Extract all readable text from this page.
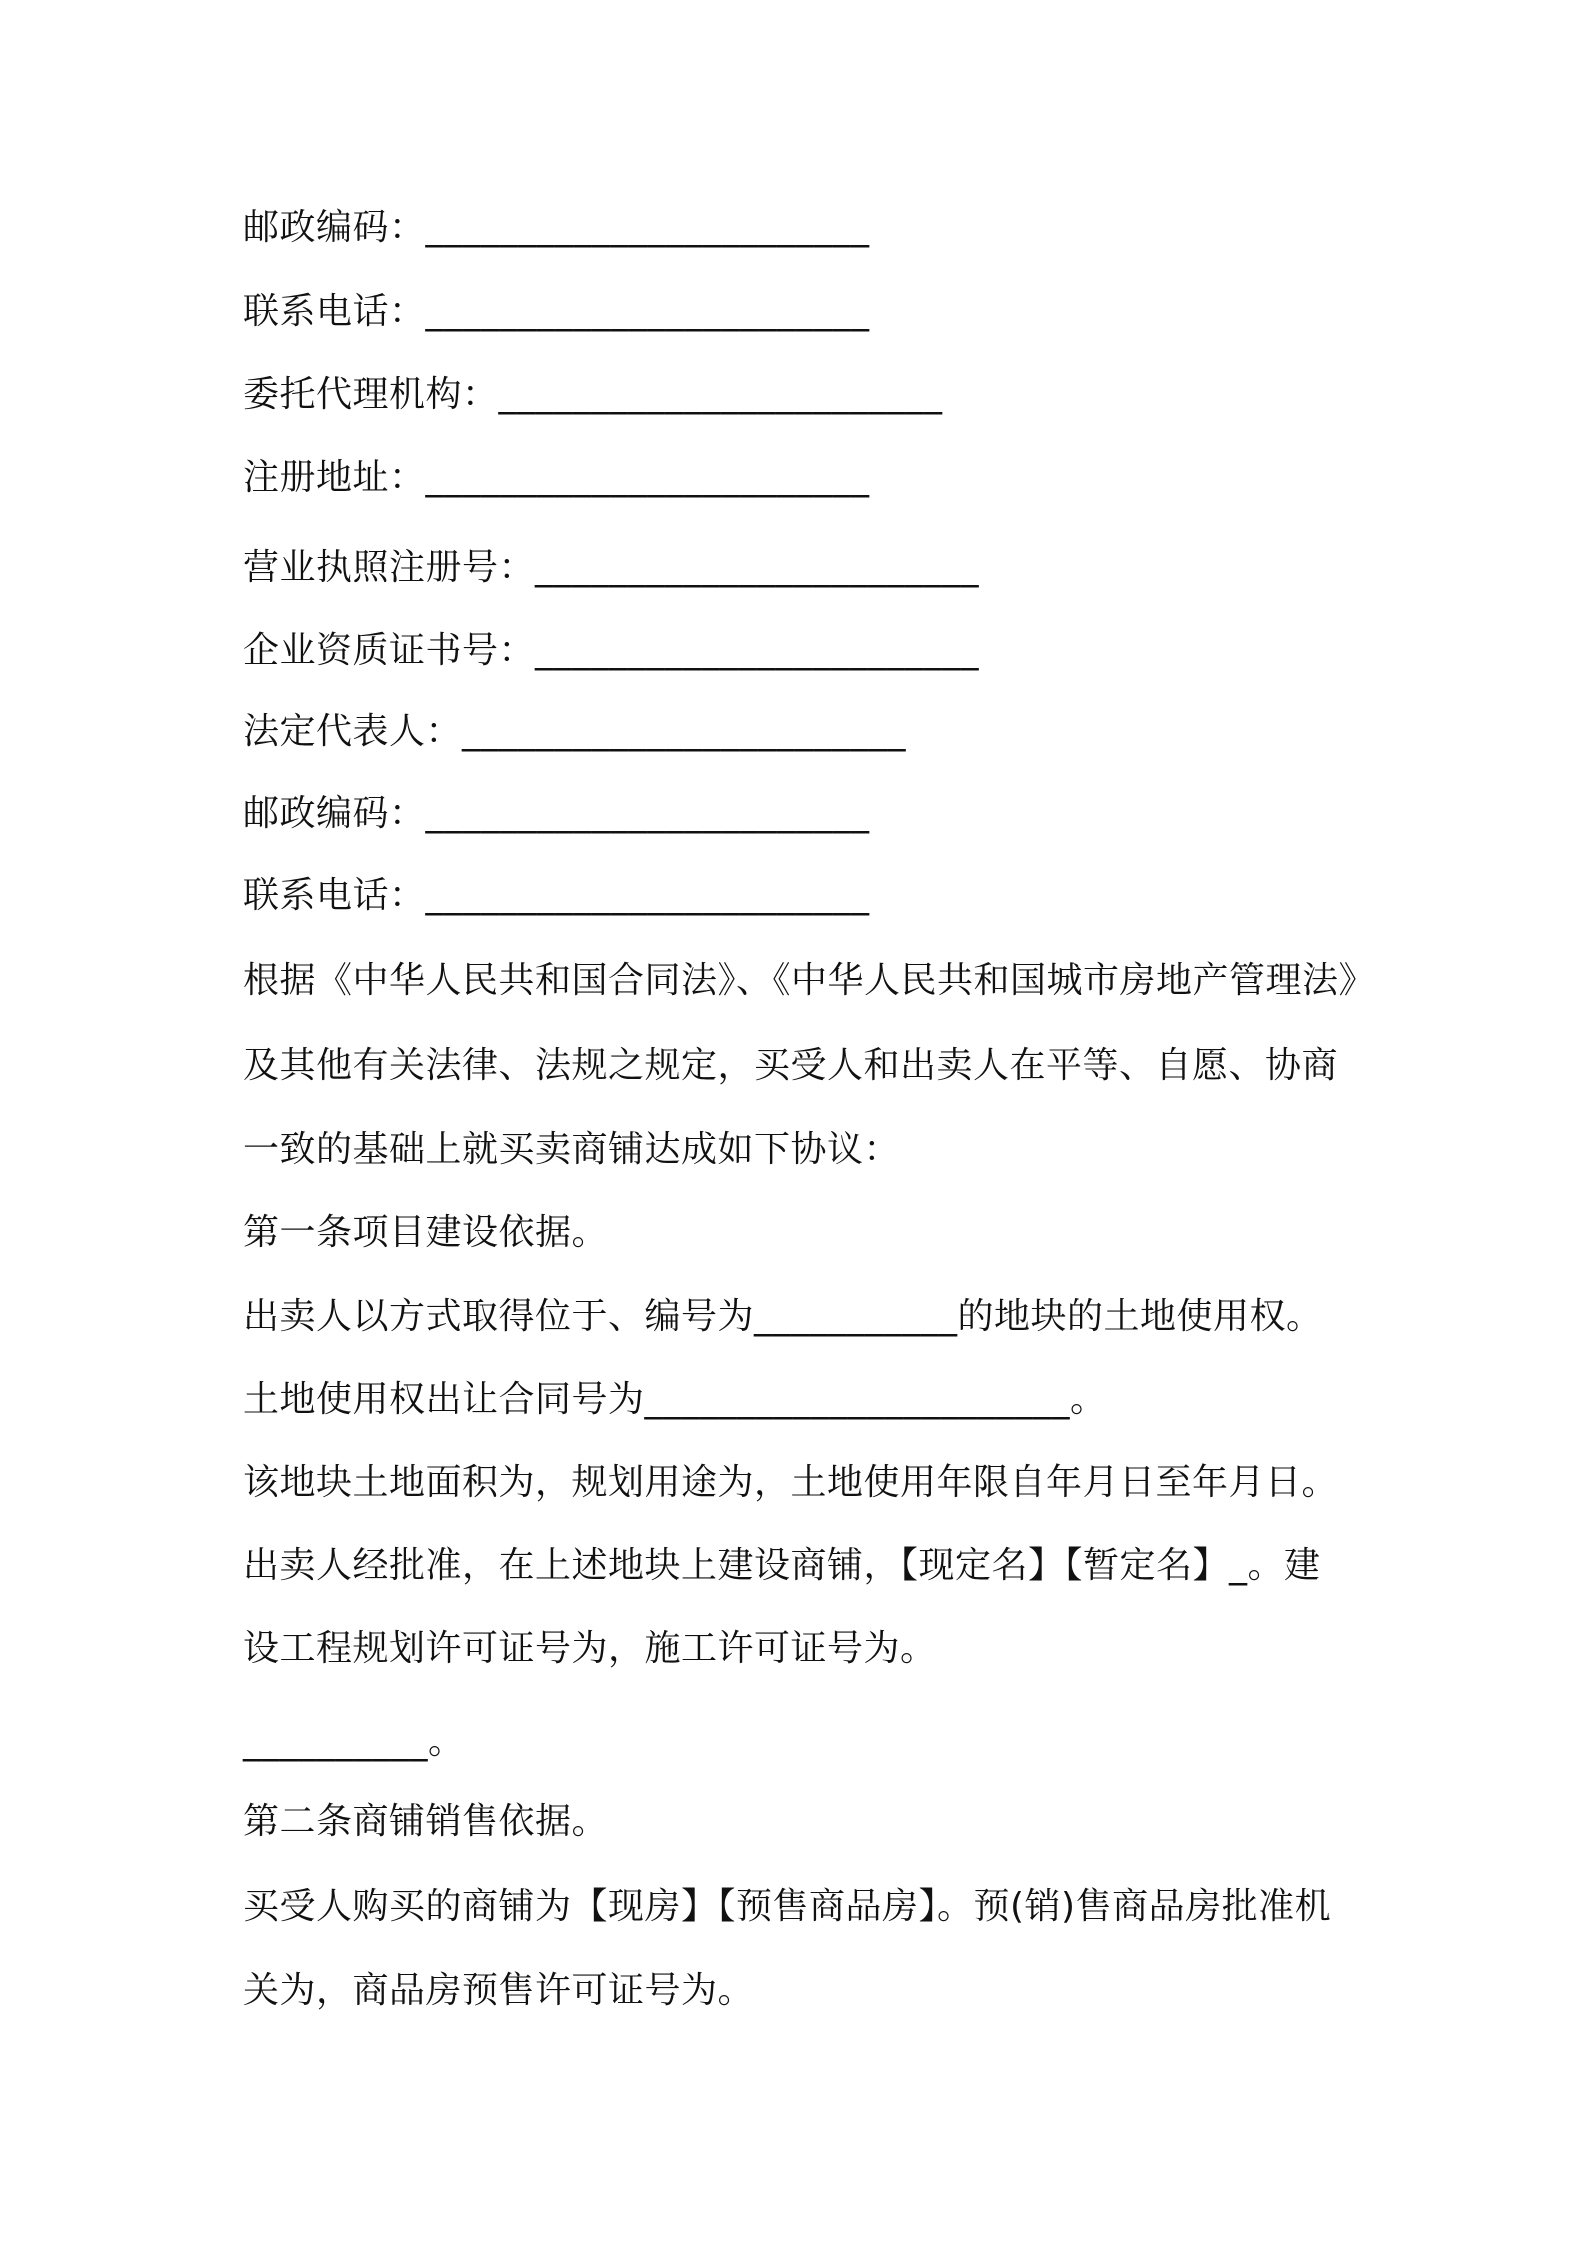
邮政编码：________________________
联系电话：________________________
委托代理机构：________________________
注册地址：________________________
营业执照注册号：________________________
企业资质证书号：________________________
法定代表人：________________________
邮政编码：________________________
联系电话：________________________
根据《中华人民共和国合同法》、《中华人民共和国城市房地产管理法》
及其他有关法律、法规之规定，买受人和出卖人在平等、自愿、协商
一致的基础上就买卖商铺达成如下协议：
第一条项目建设依据。
出卖人以方式取得位于、编号为___________的地块的土地使用权。
土地使用权出让合同号为_______________________。
该地块土地面积为，规划用途为，土地使用年限自年月日至年月日。
出卖人经批准，在上述地块上建设商铺，【现定名】【暂定名】_。建
设工程规划许可证号为，施工许可证号为。
__________。
第二条商铺销售依据。
买受人购买的商铺为【现房】【预售商品房】。预(销)售商品房批准机
关为，商品房预售许可证号为。
